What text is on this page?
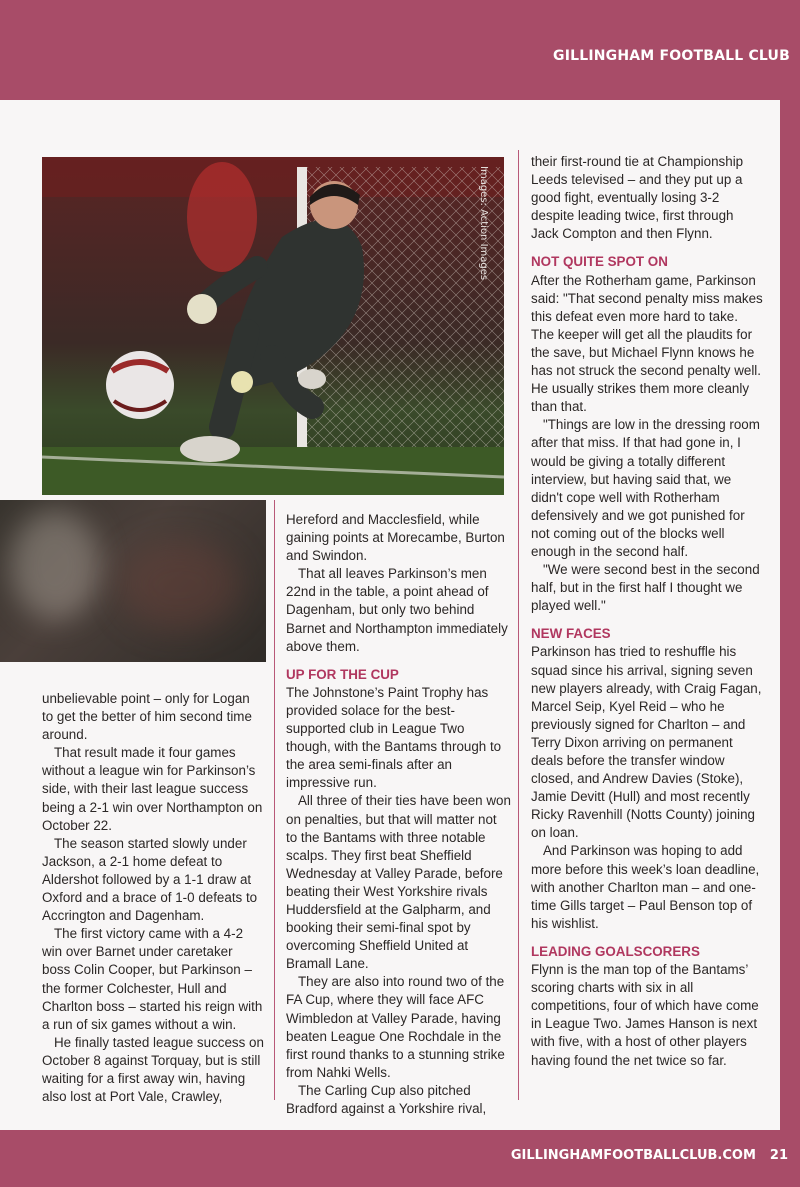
GILLINGHAM FOOTBALL CLUB
Images: Action Images

unbelievable point – only for Logan to get the better of him second time around.

That result made it four games without a league win for Parkinson’s side, with their last league success being a 2-1 win over Northampton on October 22.

The season started slowly under Jackson, a 2-1 home defeat to Aldershot followed by a 1-1 draw at Oxford and a brace of 1-0 defeats to Accrington and Dagenham.

The first victory came with a 4-2 win over Barnet under caretaker boss Colin Cooper, but Parkinson – the former Colchester, Hull and Charlton boss – started his reign with a run of six games without a win.

He finally tasted league success on October 8 against Torquay, but is still waiting for a first away win, having also lost at Port Vale, Crawley,

Hereford and Macclesfield, while gaining points at Morecambe, Burton and Swindon.

That all leaves Parkinson’s men 22nd in the table, a point ahead of Dagenham, but only two behind Barnet and Northampton immediately above them.

UP FOR THE CUP

The Johnstone’s Paint Trophy has provided solace for the best-supported club in League Two though, with the Bantams through to the area semi-finals after an impressive run.

All three of their ties have been won on penalties, but that will matter not to the Bantams with three notable scalps. They first beat Sheffield Wednesday at Valley Parade, before beating their West Yorkshire rivals Huddersfield at the Galpharm, and booking their semi-final spot by overcoming Sheffield United at Bramall Lane.

They are also into round two of the FA Cup, where they will face AFC Wimbledon at Valley Parade, having beaten League One Rochdale in the first round thanks to a stunning strike from Nahki Wells.

The Carling Cup also pitched Bradford against a Yorkshire rival,

their first-round tie at Championship Leeds televised – and they put up a good fight, eventually losing 3-2 despite leading twice, first through Jack Compton and then Flynn.

NOT QUITE SPOT ON

After the Rotherham game, Parkinson said: "That second penalty miss makes this defeat even more hard to take. The keeper will get all the plaudits for the save, but Michael Flynn knows he has not struck the second penalty well. He usually strikes them more cleanly than that.

"Things are low in the dressing room after that miss. If that had gone in, I would be giving a totally different interview, but having said that, we didn't cope well with Rotherham defensively and we got punished for not coming out of the blocks well enough in the second half.

"We were second best in the second half, but in the first half I thought we played well."

NEW FACES

Parkinson has tried to reshuffle his squad since his arrival, signing seven new players already, with Craig Fagan, Marcel Seip, Kyel Reid – who he previously signed for Charlton – and Terry Dixon arriving on permanent deals before the transfer window closed, and Andrew Davies (Stoke), Jamie Devitt (Hull) and most recently Ricky Ravenhill (Notts County) joining on loan.

And Parkinson was hoping to add more before this week’s loan deadline, with another Charlton man – and one-time Gills target – Paul Benson top of his wishlist.

LEADING GOALSCORERS

Flynn is the man top of the Bantams’ scoring charts with six in all competitions, four of which have come in League Two. James Hanson is next with five, with a host of other players having found the net twice so far.

GILLINGHAMFOOTBALLCLUB.COM 21
